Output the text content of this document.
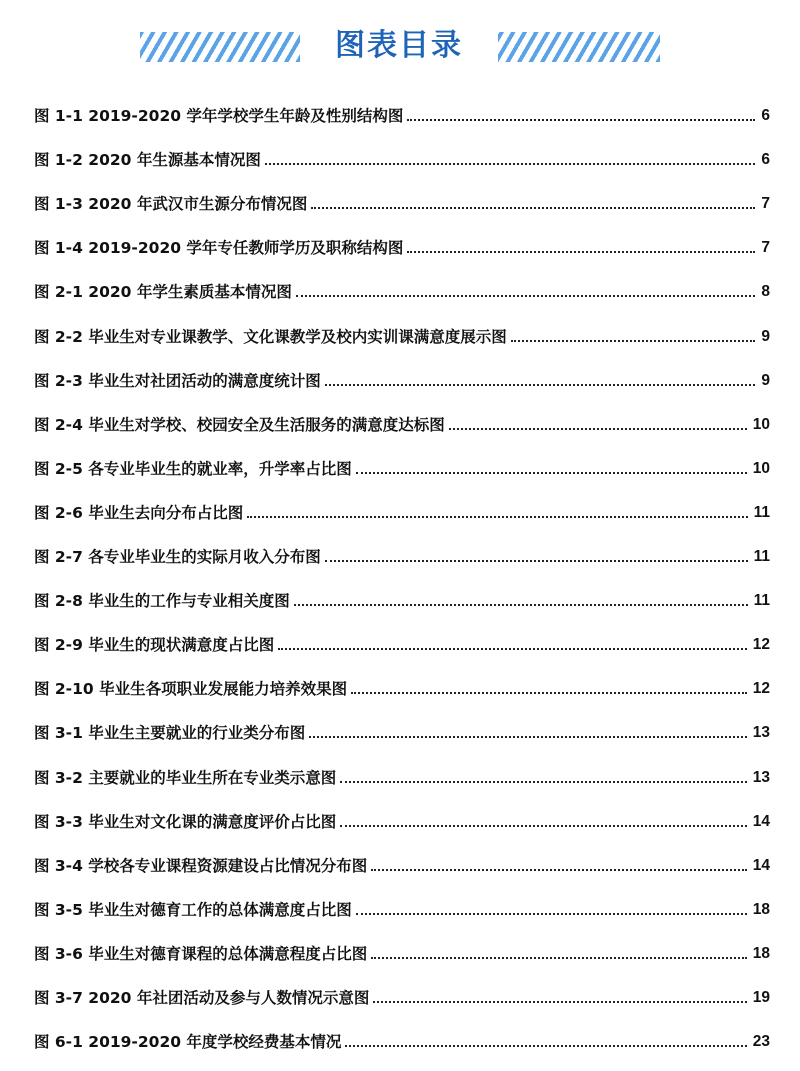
图表目录
图 1-1 2019-2020 学年学校学生年龄及性别结构图	6
图 1-2 2020 年生源基本情况图	6
图 1-3 2020 年武汉市生源分布情况图	7
图 1-4 2019-2020 学年专任教师学历及职称结构图	7
图 2-1 2020 年学生素质基本情况图	8
图 2-2 毕业生对专业课教学、文化课教学及校内实训课满意度展示图	9
图 2-3 毕业生对社团活动的满意度统计图	9
图 2-4 毕业生对学校、校园安全及生活服务的满意度达标图	10
图 2-5 各专业毕业生的就业率，升学率占比图	10
图 2-6 毕业生去向分布占比图	11
图 2-7 各专业毕业生的实际月收入分布图	11
图 2-8 毕业生的工作与专业相关度图	11
图 2-9 毕业生的现状满意度占比图	12
图 2-10 毕业生各项职业发展能力培养效果图	12
图 3-1 毕业生主要就业的行业类分布图	13
图 3-2 主要就业的毕业生所在专业类示意图	13
图 3-3 毕业生对文化课的满意度评价占比图	14
图 3-4 学校各专业课程资源建设占比情况分布图	14
图 3-5 毕业生对德育工作的总体满意度占比图	18
图 3-6 毕业生对德育课程的总体满意程度占比图	18
图 3-7 2020 年社团活动及参与人数情况示意图	19
图 6-1 2019-2020 年度学校经费基本情况	23
